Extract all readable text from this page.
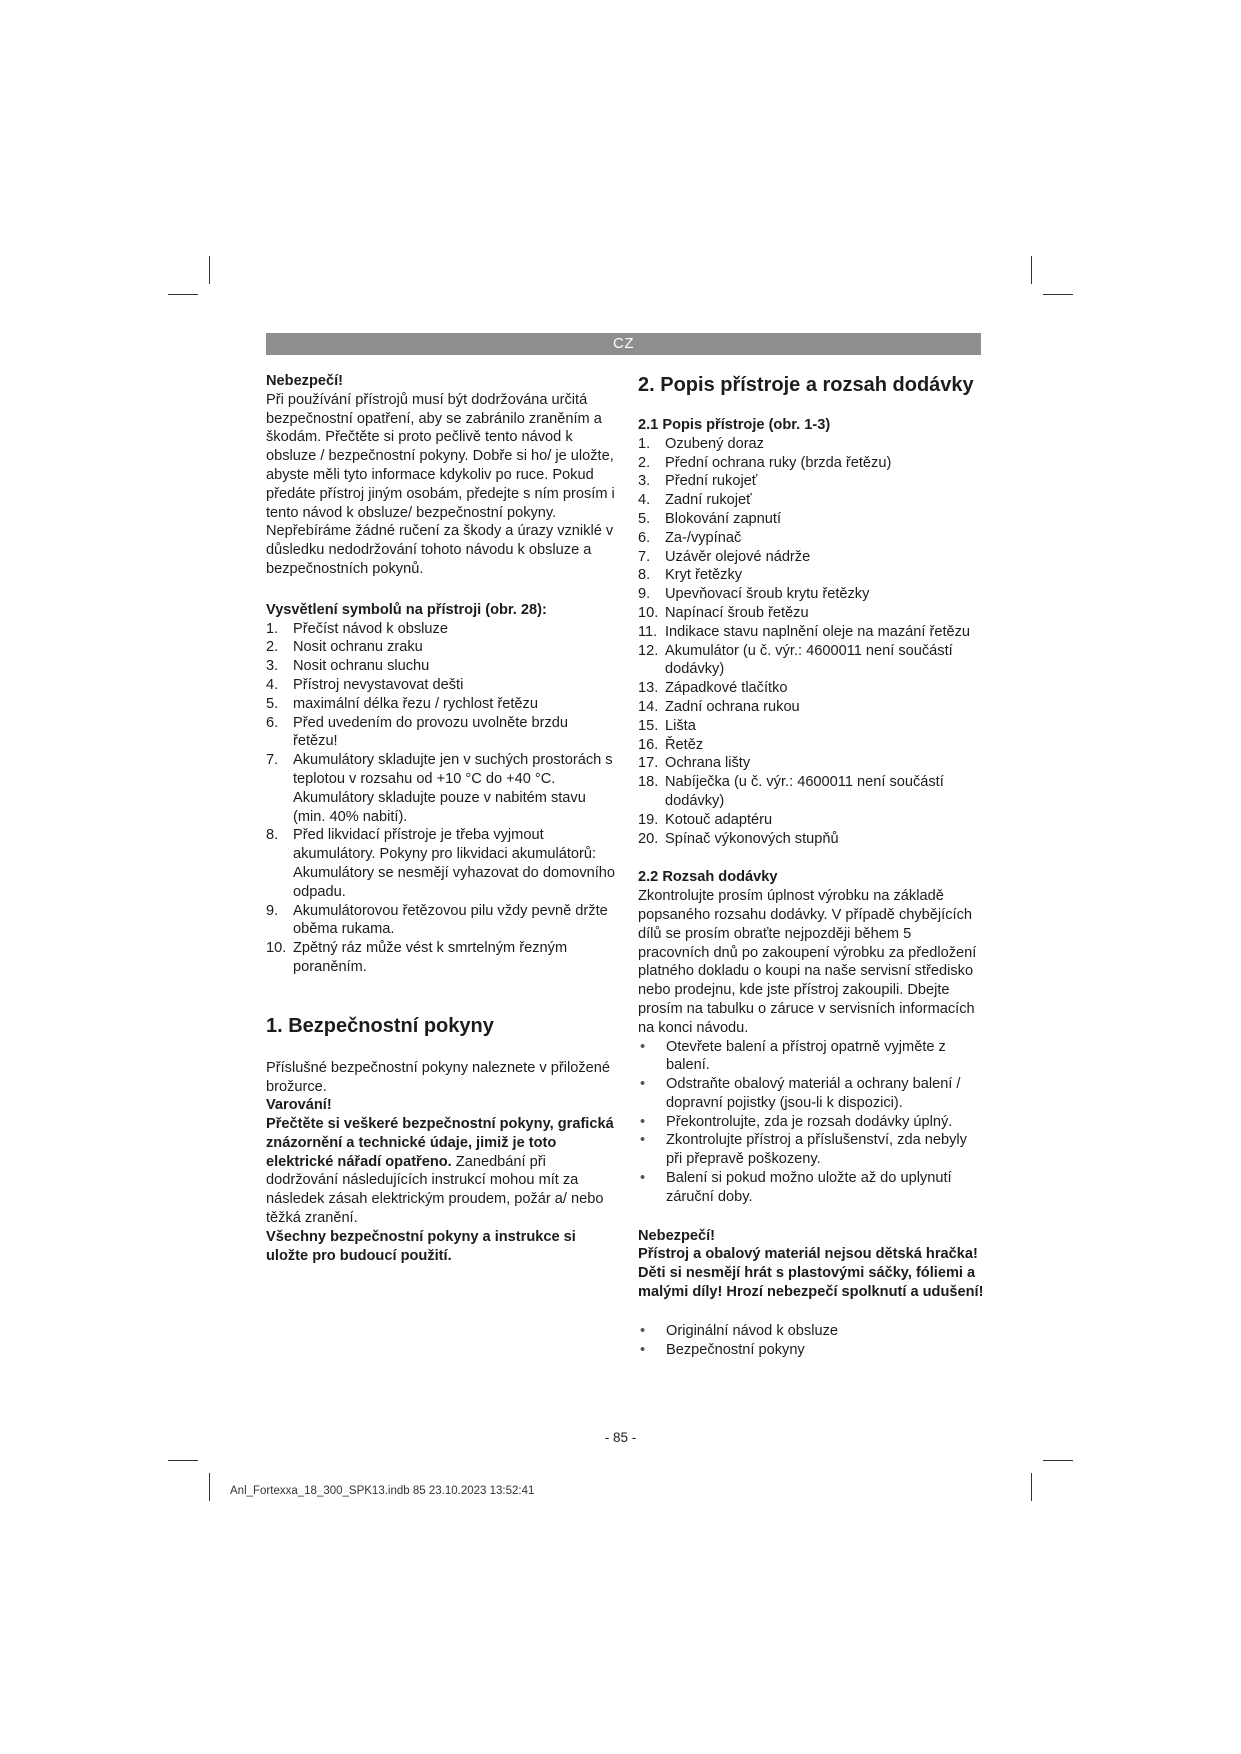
CZ

Nebezpečí!

Při používání přístrojů musí být dodržována určitá bezpečnostní opatření, aby se zabránilo zraněním a škodám. Přečtěte si proto pečlivě tento návod k obsluze / bezpečnostní pokyny. Dobře si ho/ je uložte, abyste měli tyto informace kdykoliv po ruce. Pokud předáte přístroj jiným osobám, předejte s ním prosím i tento návod k obsluze/ bezpečnostní pokyny. Nepřebíráme žádné ručení za škody a úrazy vzniklé v důsledku nedodržování tohoto návodu k obsluze a bezpečnostních pokynů.

Vysvětlení symbolů na přístroji (obr. 28):

1. Přečíst návod k obsluze
2. Nosit ochranu zraku
3. Nosit ochranu sluchu
4. Přístroj nevystavovat dešti
5. maximální délka řezu / rychlost řetězu
6. Před uvedením do provozu uvolněte brzdu řetězu!
7. Akumulátory skladujte jen v suchých prostorách s teplotou v rozsahu od +10 °C do +40 °C.
Akumulátory skladujte pouze v nabitém stavu (min. 40% nabití).
8. Před likvidací přístroje je třeba vyjmout akumulátory. Pokyny pro likvidaci akumulátorů: Akumulátory se nesmějí vyhazovat do domovního odpadu.
9. Akumulátorovou řetězovou pilu vždy pevně držte oběma rukama.
10. Zpětný ráz může vést k smrtelným řezným poraněním.
1. Bezpečnostní pokyny

Příslušné bezpečnostní pokyny naleznete v přiložené brožurce.

Varování!

Přečtěte si veškeré bezpečnostní pokyny, grafická znázornění a technické údaje, jimiž je toto elektrické nářadí opatřeno. Zanedbání při dodržování následujících instrukcí mohou mít za následek zásah elektrickým proudem, požár a/ nebo těžká zranění.

Všechny bezpečnostní pokyny a instrukce si uložte pro budoucí použití.

2. Popis přístroje a rozsah dodávky

2.1 Popis přístroje (obr. 1-3)

1. Ozubený doraz
2. Přední ochrana ruky (brzda řetězu)
3. Přední rukojeť
4. Zadní rukojeť
5. Blokování zapnutí
6. Za-/vypínač
7. Uzávěr olejové nádrže
8. Kryt řetězky
9. Upevňovací šroub krytu řetězky
10. Napínací šroub řetězu
11. Indikace stavu naplnění oleje na mazání řetězu
12. Akumulátor (u č. výr.: 4600011 není součástí dodávky)
13. Západkové tlačítko
14. Zadní ochrana rukou
15. Lišta
16. Řetěz
17. Ochrana lišty
18. Nabíječka (u č. výr.: 4600011 není součástí dodávky)
19. Kotouč adaptéru
20. Spínač výkonových stupňů

2.2 Rozsah dodávky

Zkontrolujte prosím úplnost výrobku na základě popsaného rozsahu dodávky. V případě chybějících dílů se prosím obraťte nejpozději během 5 pracovních dnů po zakoupení výrobku za předložení platného dokladu o koupi na naše servisní středisko nebo prodejnu, kde jste přístroj zakoupili. Dbejte prosím na tabulku o záruce v servisních informacích na konci návodu.

• Otevřete balení a přístroj opatrně vyjměte z balení.
• Odstraňte obalový materiál a ochrany balení / dopravní pojistky (jsou-li k dispozici).
• Překontrolujte, zda je rozsah dodávky úplný.
• Zkontrolujte přístroj a příslušenství, zda nebyly při přepravě poškozeny.
• Balení si pokud možno uložte až do uplynutí záruční doby.

Nebezpečí!

Přístroj a obalový materiál nejsou dětská hračka! Děti si nesmějí hrát s plastovými sáčky, fóliemi a malými díly! Hrozí nebezpečí spolknutí a udušení!

• Originální návod k obsluze
• Bezpečnostní pokyny
- 85 -
Anl_Fortexxa_18_300_SPK13.indb 85 23.10.2023 13:52:41
